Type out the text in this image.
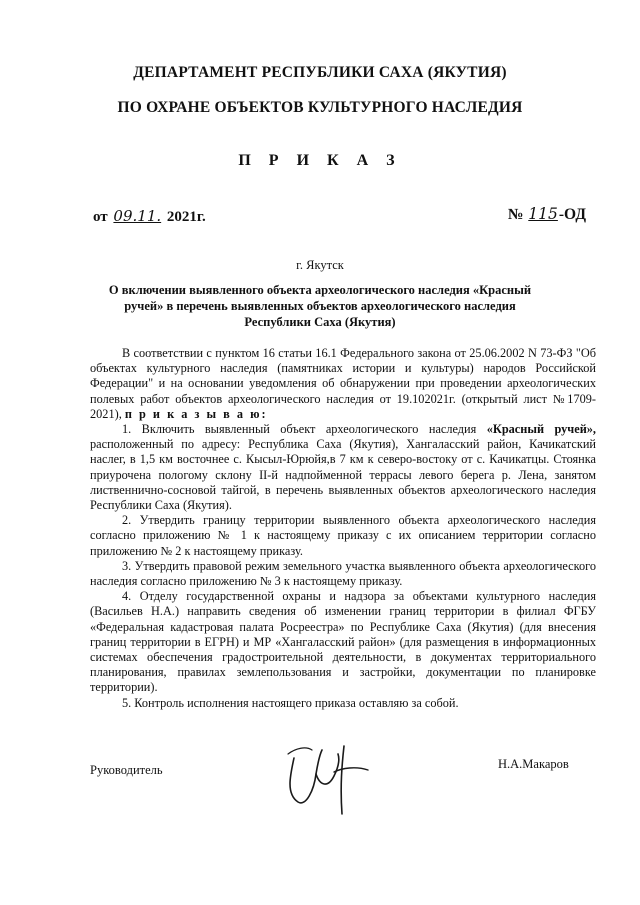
ДЕПАРТАМЕНТ РЕСПУБЛИКИ САХА (ЯКУТИЯ)
ПО ОХРАНЕ ОБЪЕКТОВ КУЛЬТУРНОГО НАСЛЕДИЯ
П Р И К А З
от 09.11. 2021г.	№ 115-ОД
г. Якутск
О включении выявленного объекта археологического наследия «Красный ручей» в перечень выявленных объектов археологического наследия Республики Саха (Якутия)

В соответствии с пунктом 16 статьи 16.1 Федерального закона от 25.06.2002 N 73-ФЗ "Об объектах культурного наследия (памятниках истории и культуры) народов Российской Федерации" и на основании уведомления об обнаружении при проведении археологических полевых работ объектов археологического наследия от 19.102021г. (открытый лист №1709-2021), п р и к а з ы в а ю:

1. Включить выявленный объект археологического наследия «Красный ручей», расположенный по адресу: Республика Саха (Якутия), Хангаласский район, Качикатский наслег, в 1,5 км восточнее с. Кысыл-Юрюйя,в 7 км к северо-востоку от с. Качикатцы. Стоянка приурочена пологому склону II-й надпойменной террасы левого берега р. Лена, занятом лиственнично-сосновой тайгой, в перечень выявленных объектов археологического наследия Республики Саха (Якутия).

2. Утвердить границу территории выявленного объекта археологического наследия согласно приложению № 1 к настоящему приказу с их описанием территории согласно приложению № 2 к настоящему приказу.

3. Утвердить правовой режим земельного участка выявленного объекта археологического наследия согласно приложению № 3 к настоящему приказу.

4. Отделу государственной охраны и надзора за объектами культурного наследия (Васильев Н.А.) направить сведения об изменении границ территории в филиал ФГБУ «Федеральная кадастровая палата Росреестра» по Республике Саха (Якутия) (для внесения границ территории в ЕГРН) и МР «Хангаласский район» (для размещения в информационных системах обеспечения градостроительной деятельности, в документах территориального планирования, правилах землепользования и застройки, документации по планировке территории).

5. Контроль исполнения настоящего приказа оставляю за собой.

Руководитель	Н.А.Макаров
